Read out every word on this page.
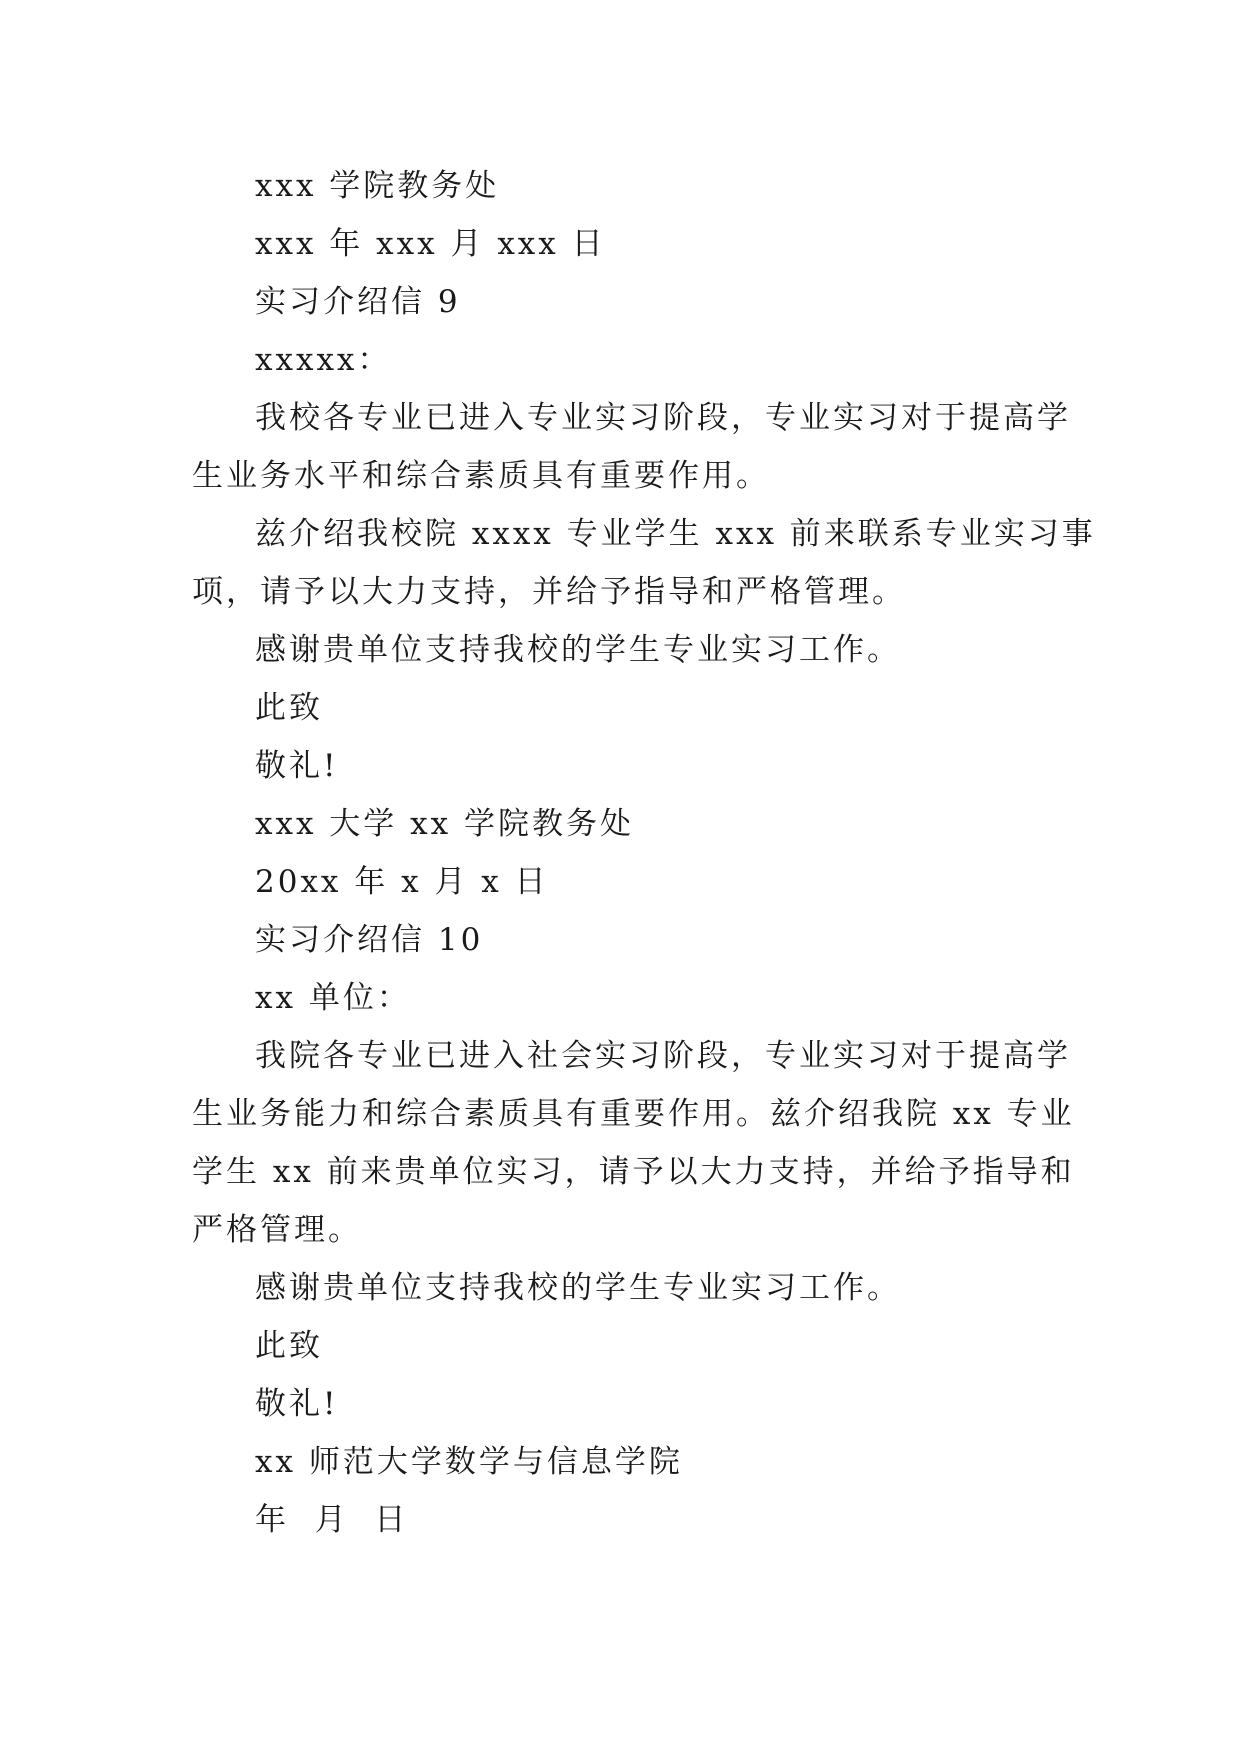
xxx 学院教务处
xxx 年 xxx 月 xxx 日
实习介绍信 9
xxxxx：
我校各专业已进入专业实习阶段，专业实习对于提高学
生业务水平和综合素质具有重要作用。
兹介绍我校院 xxxx 专业学生 xxx 前来联系专业实习事
项，请予以大力支持，并给予指导和严格管理。
感谢贵单位支持我校的学生专业实习工作。
此致
敬礼!
xxx 大学 xx 学院教务处
20xx 年 x 月 x 日
实习介绍信 10
xx 单位：
我院各专业已进入社会实习阶段，专业实习对于提高学
生业务能力和综合素质具有重要作用。兹介绍我院 xx 专业
学生 xx 前来贵单位实习，请予以大力支持，并给予指导和
严格管理。
感谢贵单位支持我校的学生专业实习工作。
此致
敬礼!
xx 师范大学数学与信息学院
年  月  日
